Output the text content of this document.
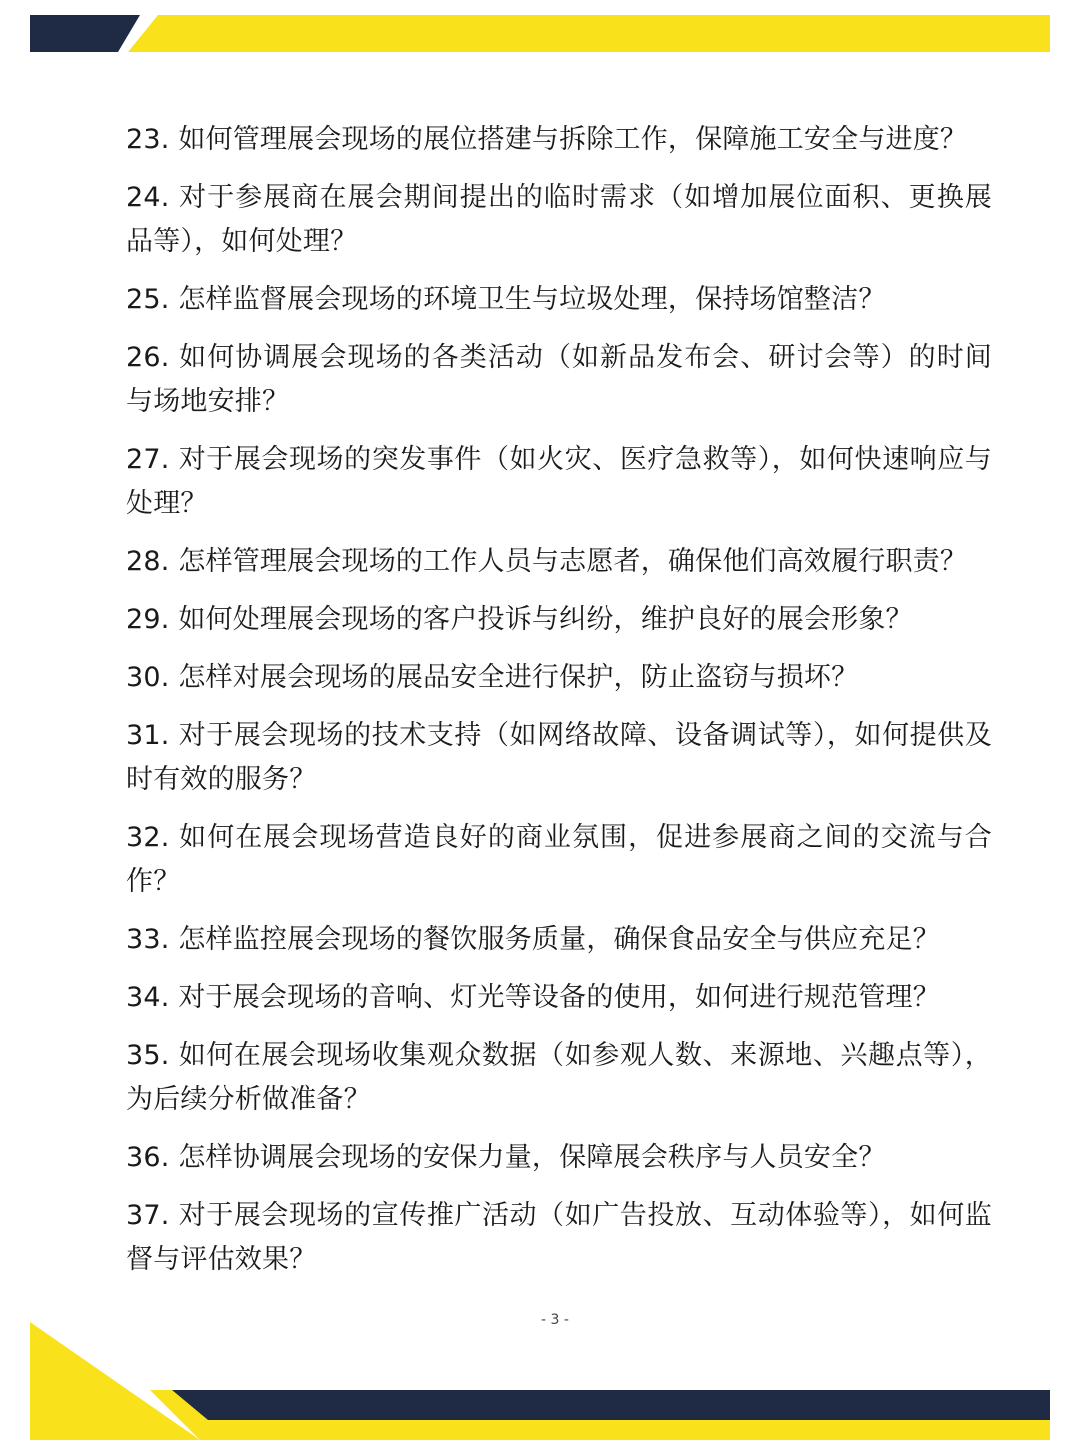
23. 如何管理展会现场的展位搭建与拆除工作，保障施工安全与进度？

24. 对于参展商在展会期间提出的临时需求（如增加展位面积、更换展品等），如何处理？

25. 怎样监督展会现场的环境卫生与垃圾处理，保持场馆整洁？

26. 如何协调展会现场的各类活动（如新品发布会、研讨会等）的时间与场地安排？

27. 对于展会现场的突发事件（如火灾、医疗急救等），如何快速响应与处理？

28. 怎样管理展会现场的工作人员与志愿者，确保他们高效履行职责？

29. 如何处理展会现场的客户投诉与纠纷，维护良好的展会形象？

30. 怎样对展会现场的展品安全进行保护，防止盗窃与损坏？

31. 对于展会现场的技术支持（如网络故障、设备调试等），如何提供及时有效的服务？

32. 如何在展会现场营造良好的商业氛围，促进参展商之间的交流与合作？

33. 怎样监控展会现场的餐饮服务质量，确保食品安全与供应充足？

34. 对于展会现场的音响、灯光等设备的使用，如何进行规范管理？

35. 如何在展会现场收集观众数据（如参观人数、来源地、兴趣点等），为后续分析做准备？

36. 怎样协调展会现场的安保力量，保障展会秩序与人员安全？

37. 对于展会现场的宣传推广活动（如广告投放、互动体验等），如何监督与评估效果？

- 3 -
